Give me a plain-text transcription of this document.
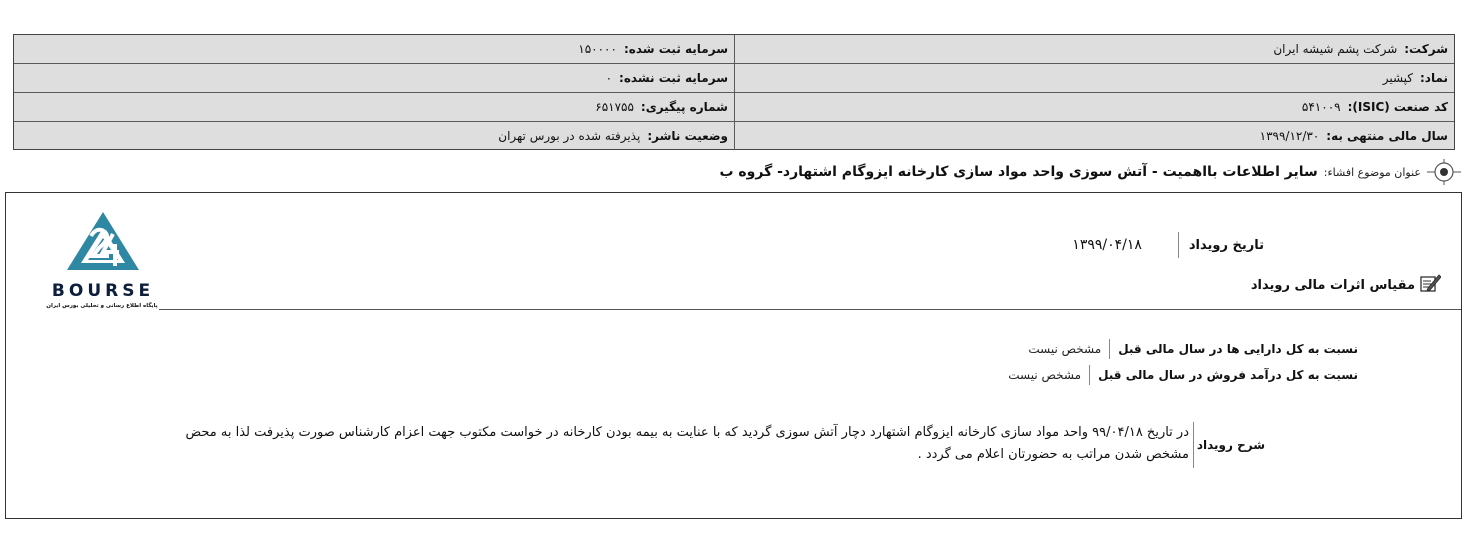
شرکت:
شرکت پشم شیشه ایران
سرمایه ثبت شده:
۱۵۰۰۰۰
نماد:
کپشیر
سرمایه ثبت نشده:
۰
کد صنعت (ISIC):
۵۴۱۰۰۹
شماره پیگیری:
۶۵۱۷۵۵
سال مالی منتهی به:
۱۳۹۹/۱۲/۳۰
وضعیت ناشر:
پذیرفته شده در بورس تهران
عنوان موضوع افشاء:
سایر اطلاعات بااهمیت - آتش سوزی واحد مواد سازی کارخانه ایزوگام اشتهارد- گروه ب
BOURSE
پایگاه اطلاع رسانی و تحلیلی بورس ایران
تاریخ رویداد
۱۳۹۹/۰۴/۱۸
مقیاس اثرات مالی رویداد
نسبت به کل دارایی ها در سال مالی قبل
مشخص نیست
نسبت به کل درآمد فروش در سال مالی قبل
مشخص نیست
شرح رویداد
در تاریخ ۹۹/۰۴/۱۸ واحد مواد سازی کارخانه ایزوگام اشتهارد دچار آتش سوزی گردید که با عنایت به بیمه بودن کارخانه در خواست مکتوب جهت اعزام کارشناس صورت پذیرفت لذا به محض مشخص شدن مراتب به حضورتان اعلام می گردد .
